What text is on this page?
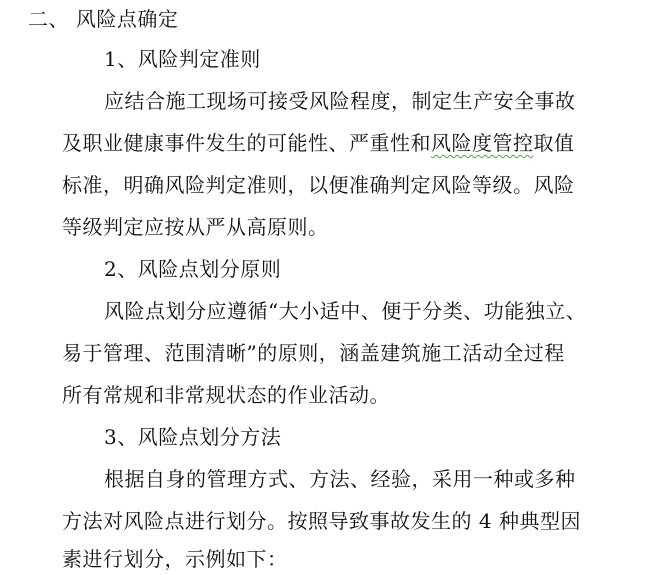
二、 风险点确定
1、风险判定准则
应结合施工现场可接受风险程度，制定生产安全事故
及职业健康事件发生的可能性、严重性和风险度管控取值
标准，明确风险判定准则，以便准确判定风险等级。风险
等级判定应按从严从高原则。
2、风险点划分原则
风险点划分应遵循“大小适中、便于分类、功能独立、
易于管理、范围清晰”的原则，涵盖建筑施工活动全过程
所有常规和非常规状态的作业活动。
3、风险点划分方法
根据自身的管理方式、方法、经验，采用一种或多种
方法对风险点进行划分。按照导致事故发生的 4 种典型因
素进行划分，示例如下：
